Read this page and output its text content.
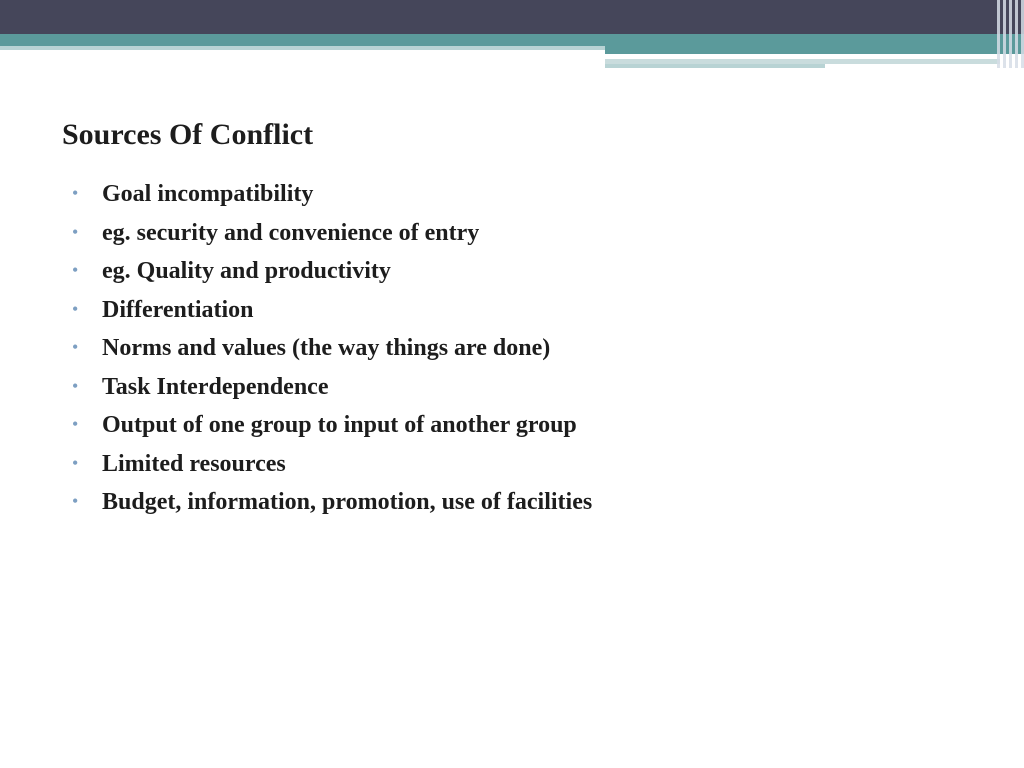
Sources Of Conflict
• Goal incompatibility
• eg. security and convenience of entry
• eg. Quality and productivity
• Differentiation
• Norms and values (the way things are done)
• Task Interdependence
• Output of one group to input of another group
• Limited resources
• Budget, information, promotion, use of facilities
